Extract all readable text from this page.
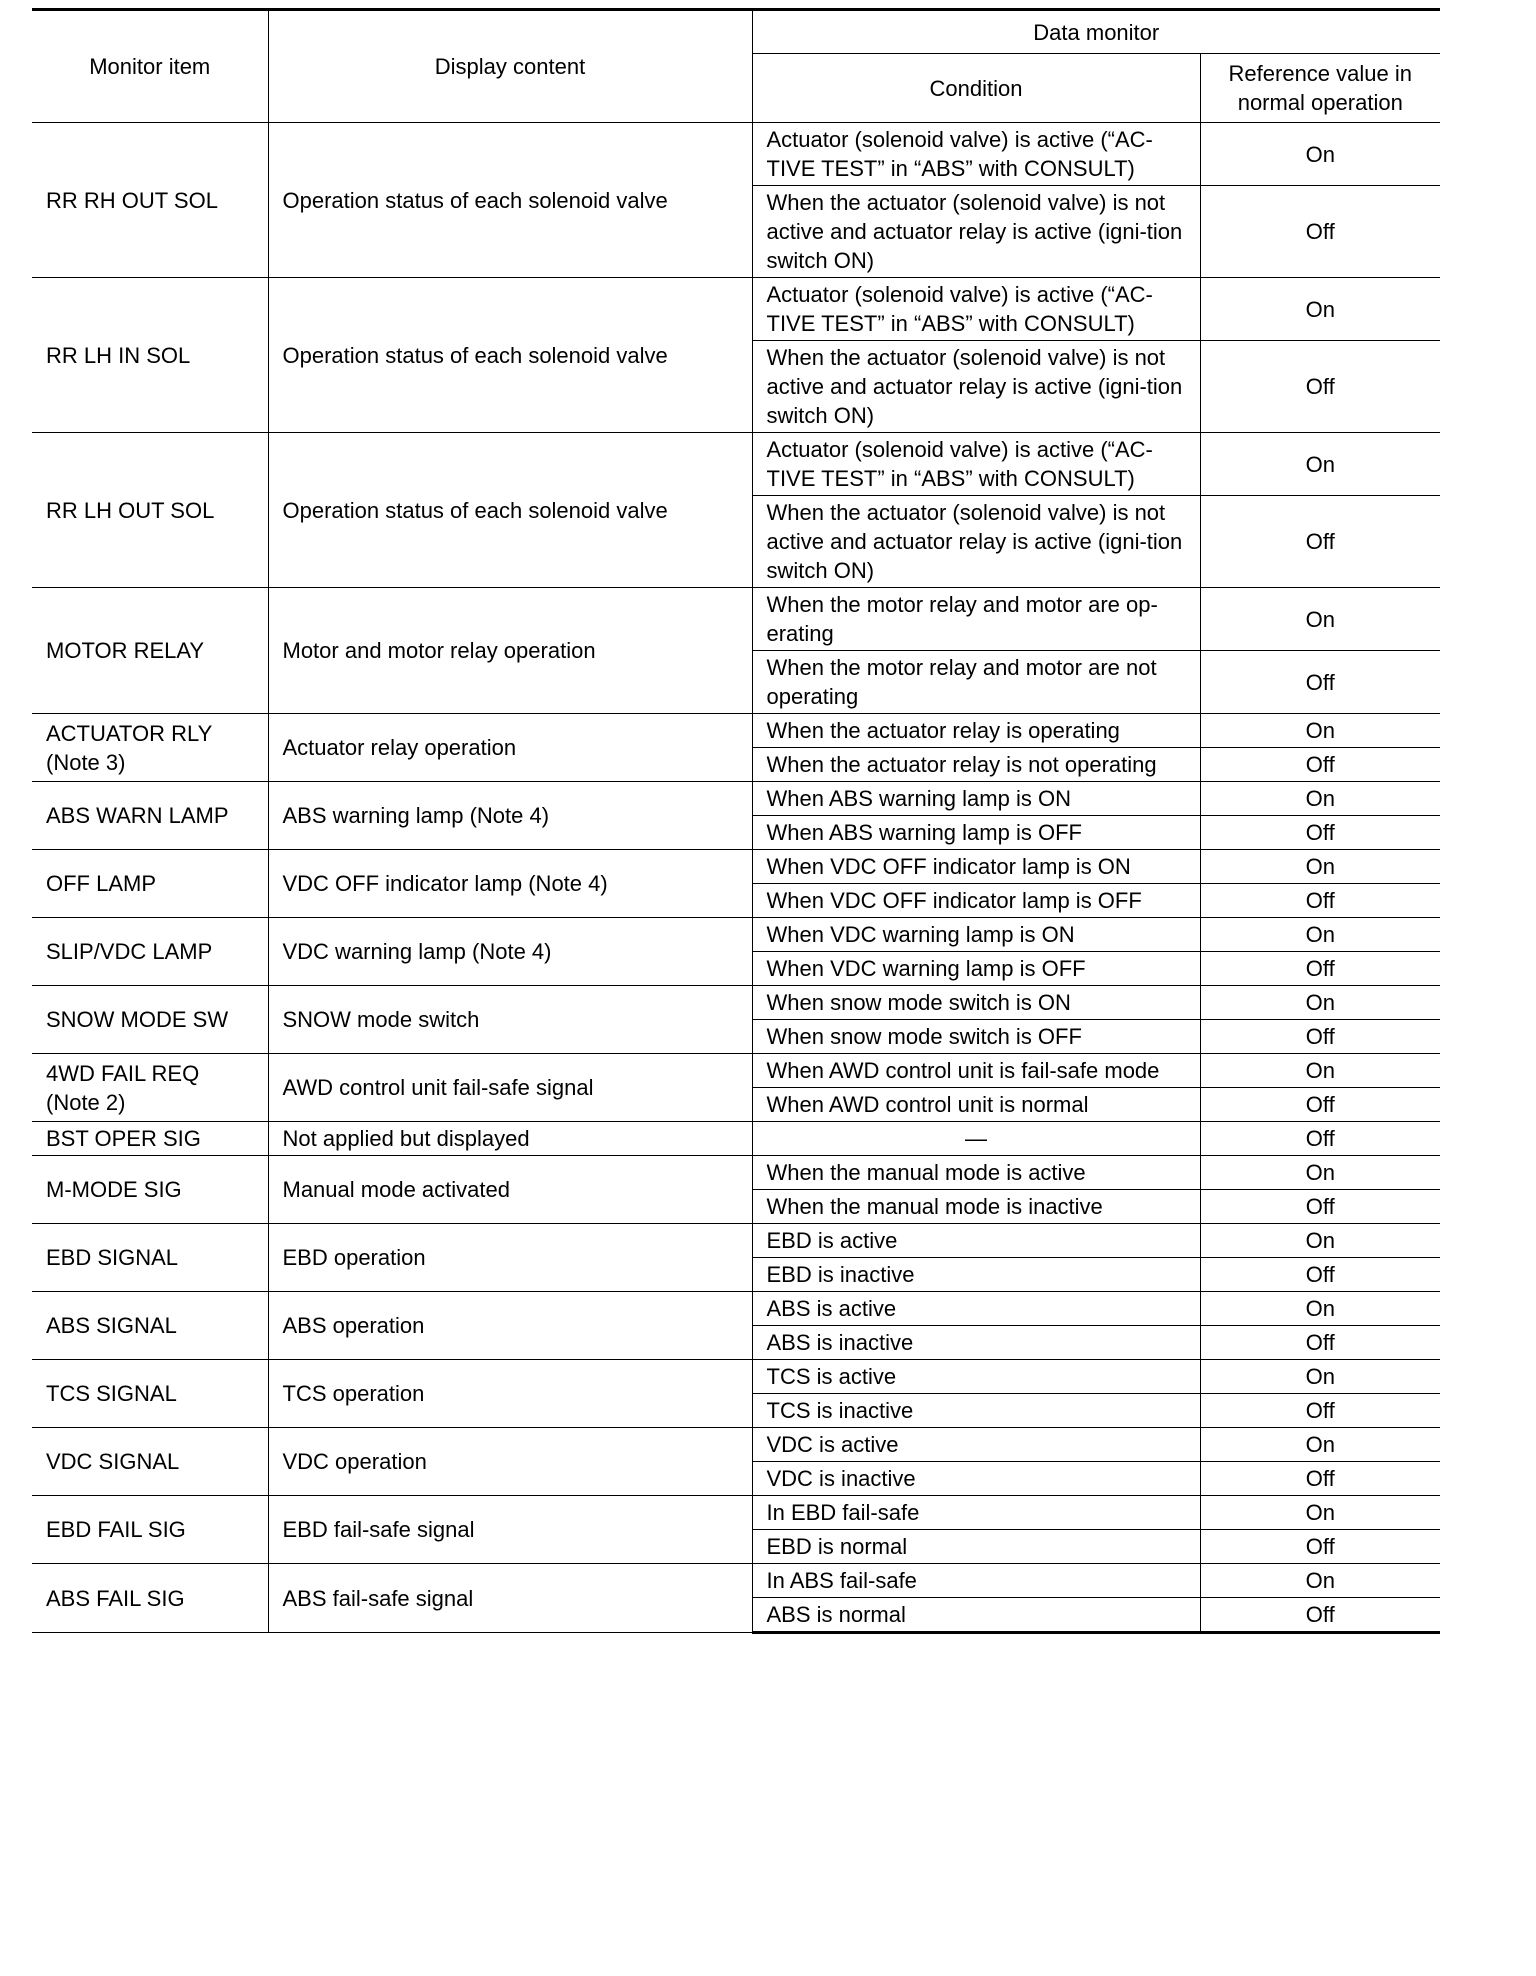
Monitor item	Display content	Data monitor	
		Condition	Reference value in normal operation
RR RH OUT SOL	Operation status of each solenoid valve	Actuator (solenoid valve) is active (“AC-TIVE TEST” in “ABS” with CONSULT)	On
		When the actuator (solenoid valve) is not active and actuator relay is active (igni-tion switch ON)	Off
RR LH IN SOL	Operation status of each solenoid valve	Actuator (solenoid valve) is active (“AC-TIVE TEST” in “ABS” with CONSULT)	On
		When the actuator (solenoid valve) is not active and actuator relay is active (igni-tion switch ON)	Off
RR LH OUT SOL	Operation status of each solenoid valve	Actuator (solenoid valve) is active (“AC-TIVE TEST” in “ABS” with CONSULT)	On
		When the actuator (solenoid valve) is not active and actuator relay is active (igni-tion switch ON)	Off
MOTOR RELAY	Motor and motor relay operation	When the motor relay and motor are op-erating	On
		When the motor relay and motor are not operating	Off
ACTUATOR RLY (Note 3)	Actuator relay operation	When the actuator relay is operating	On
		When the actuator relay is not operating	Off
ABS WARN LAMP	ABS warning lamp (Note 4)	When ABS warning lamp is ON	On
		When ABS warning lamp is OFF	Off
OFF LAMP	VDC OFF indicator lamp (Note 4)	When VDC OFF indicator lamp is ON	On
		When VDC OFF indicator lamp is OFF	Off
SLIP/VDC LAMP	VDC warning lamp (Note 4)	When VDC warning lamp is ON	On
		When VDC warning lamp is OFF	Off
SNOW MODE SW	SNOW mode switch	When snow mode switch is ON	On
		When snow mode switch is OFF	Off
4WD FAIL REQ (Note 2)	AWD control unit fail-safe signal	When AWD control unit is fail-safe mode	On
		When AWD control unit is normal	Off
BST OPER SIG	Not applied but displayed	—	Off
M-MODE SIG	Manual mode activated	When the manual mode is active	On
		When the manual mode is inactive	Off
EBD SIGNAL	EBD operation	EBD is active	On
		EBD is inactive	Off
ABS SIGNAL	ABS operation	ABS is active	On
		ABS is inactive	Off
TCS SIGNAL	TCS operation	TCS is active	On
		TCS is inactive	Off
VDC SIGNAL	VDC operation	VDC is active	On
		VDC is inactive	Off
EBD FAIL SIG	EBD fail-safe signal	In EBD fail-safe	On
		EBD is normal	Off
ABS FAIL SIG	ABS fail-safe signal	In ABS fail-safe	On
		ABS is normal	Off
